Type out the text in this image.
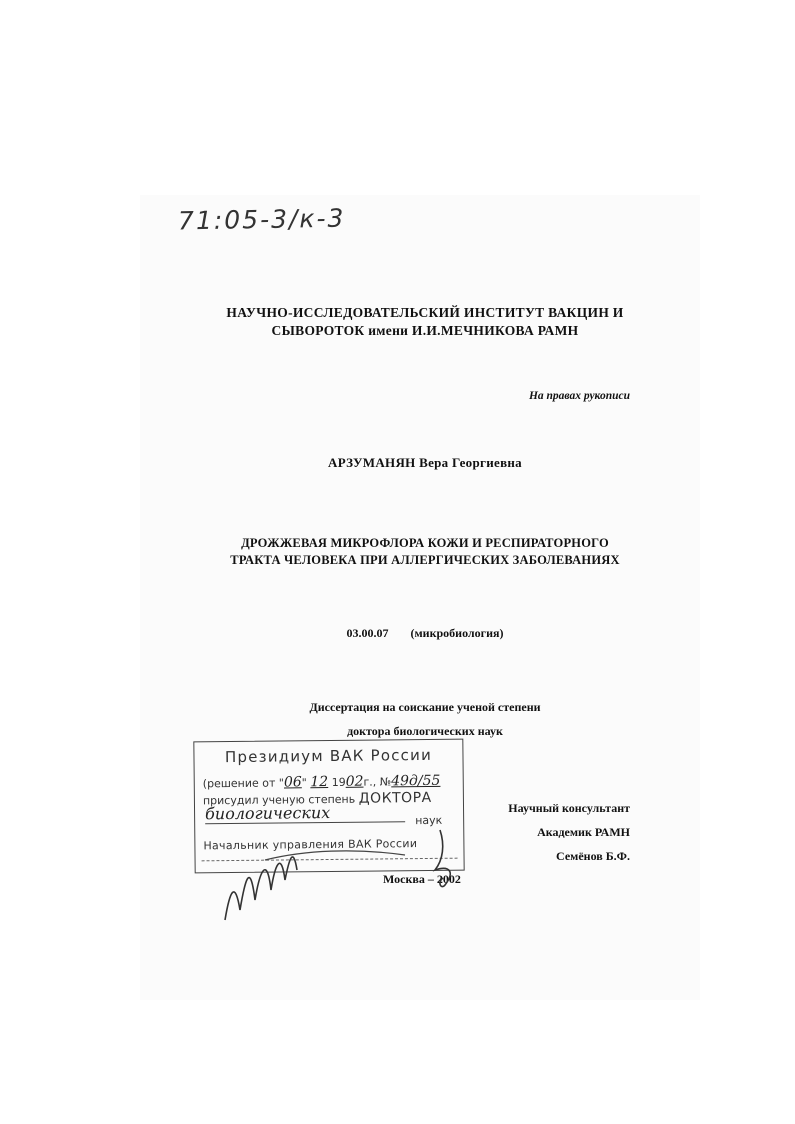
71:05-3/к-3
НАУЧНО-ИССЛЕДОВАТЕЛЬСКИЙ ИНСТИТУТ ВАКЦИН И
СЫВОРОТОК имени И.И.МЕЧНИКОВА РАМН
На правах рукописи
АРЗУМАНЯН Вера Георгиевна
ДРОЖЖЕВАЯ МИКРОФЛОРА КОЖИ И РЕСПИРАТОРНОГО
ТРАКТА ЧЕЛОВЕКА ПРИ АЛЛЕРГИЧЕСКИХ ЗАБОЛЕВАНИЯХ
03.00.07 (микробиология)
Диссертация на соискание ученой степени
доктора биологических наук
Научный консультант
Академик РАМН
Семёнов Б.Ф.
Москва – 2002
Президиум ВАК России
(решение от "06" 12 1902г., №49д/55
присудил ученую степень ДОКТОРА
биологических	наук
Начальник управления ВАК России
